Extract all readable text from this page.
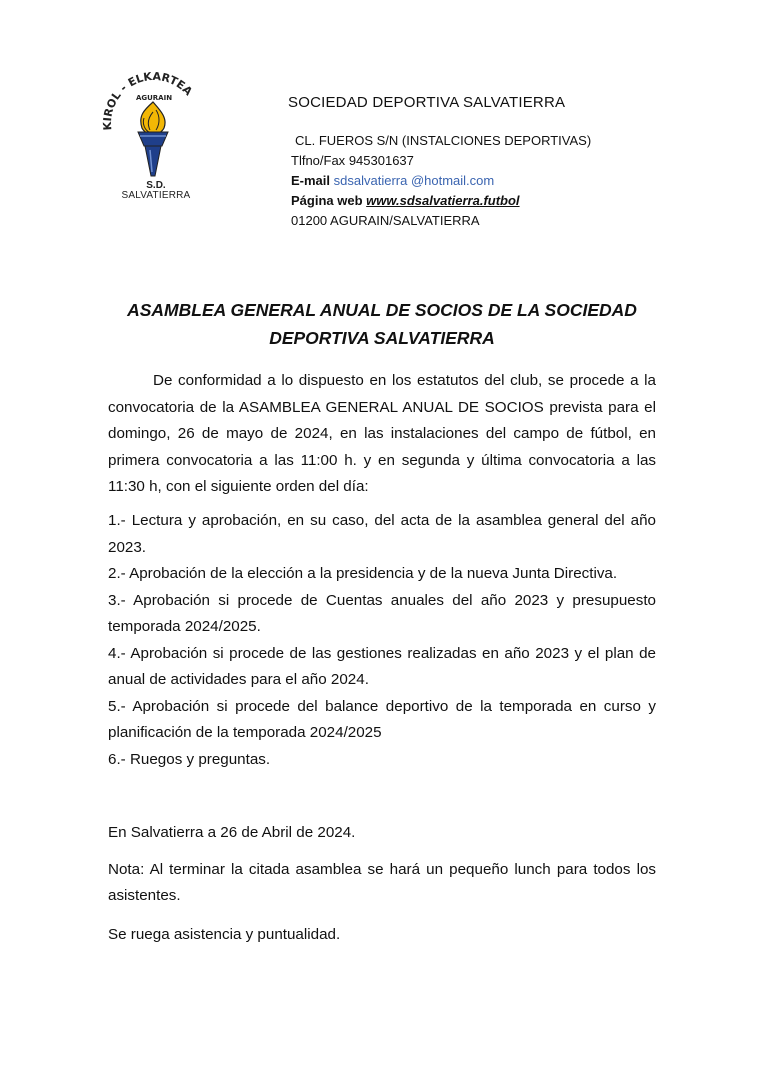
KIROL - ELKARTEA
AGURAIN
S.D.
SALVATIERRA
SOCIEDAD DEPORTIVA SALVATIERRA
CL. FUEROS S/N (INSTALCIONES DEPORTIVAS)
Tlfno/Fax 945301637
E-mail sdsalvatierra @hotmail.com
Página web www.sdsalvatierra.futbol
01200 AGURAIN/SALVATIERRA
ASAMBLEA GENERAL ANUAL DE SOCIOS DE LA SOCIEDAD
DEPORTIVA SALVATIERRA

De conformidad a lo dispuesto en los estatutos del club, se procede a la convocatoria de la ASAMBLEA GENERAL ANUAL DE SOCIOS prevista para el domingo, 26 de mayo de 2024, en las instalaciones del campo de fútbol, en primera convocatoria a las 11:00 h. y en segunda y última convocatoria a las 11:30 h, con el siguiente orden del día:

1.- Lectura y aprobación, en su caso, del acta de la asamblea general del año 2023.

2.- Aprobación de la elección a la presidencia y de la nueva Junta Directiva.

3.- Aprobación si procede de Cuentas anuales del año 2023 y presupuesto temporada 2024/2025.

4.- Aprobación si procede de las gestiones realizadas en año 2023 y el plan de anual de actividades para el año 2024.

5.- Aprobación si procede del balance deportivo de la temporada en curso y planificación de la temporada 2024/2025

6.- Ruegos y preguntas.

En Salvatierra a 26 de Abril de 2024.
Nota: Al terminar la citada asamblea se hará un pequeño lunch para todos los asistentes.
Se ruega asistencia y puntualidad.
